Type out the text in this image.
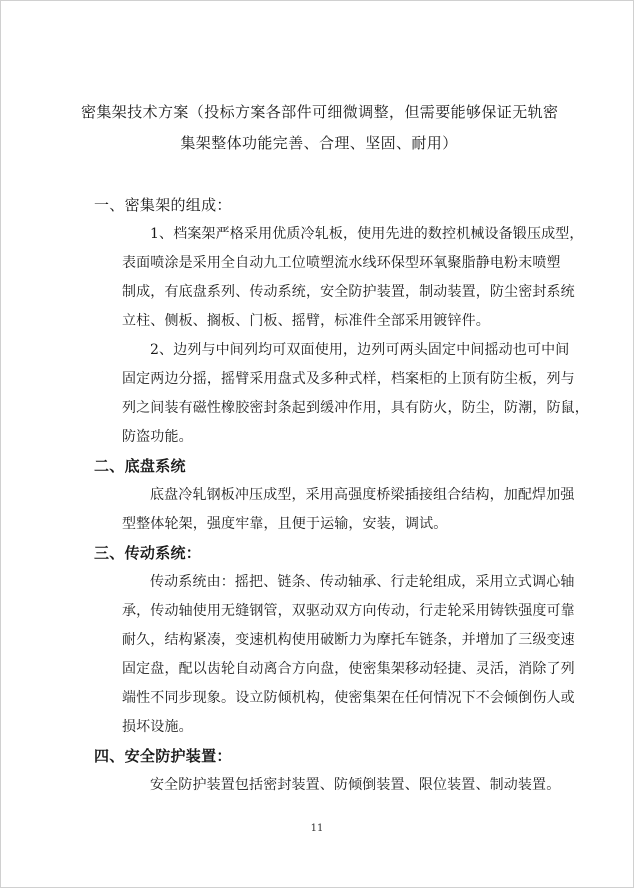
密集架技术方案（投标方案各部件可细微调整，但需要能够保证无轨密
集架整体功能完善、合理、坚固、耐用）
一、密集架的组成：
1、档案架严格采用优质冷轧板，使用先进的数控机械设备锻压成型，
表面喷涂是采用全自动九工位喷塑流水线环保型环氧聚脂静电粉末喷塑
制成，有底盘系列、传动系统，安全防护装置，制动装置，防尘密封系统
立柱、侧板、搁板、门板、摇臂，标准件全部采用镀锌件。
2、边列与中间列均可双面使用，边列可两头固定中间摇动也可中间
固定两边分摇，摇臂采用盘式及多种式样，档案柜的上顶有防尘板，列与
列之间装有磁性橡胶密封条起到缓冲作用，具有防火，防尘，防潮，防鼠，
防盗功能。
二、底盘系统
底盘冷轧钢板冲压成型，采用高强度桥梁插接组合结构，加配焊加强
型整体轮架，强度牢靠，且便于运输，安装，调试。
三、传动系统：
传动系统由：摇把、链条、传动轴承、行走轮组成，采用立式调心轴
承，传动轴使用无缝钢管，双驱动双方向传动，行走轮采用铸铁强度可靠
耐久，结构紧凑，变速机构使用破断力为摩托车链条，并增加了三级变速
固定盘，配以齿轮自动离合方向盘，使密集架移动轻捷、灵活，消除了列
端性不同步现象。设立防倾机构，使密集架在任何情况下不会倾倒伤人或
损坏设施。
四、安全防护装置：
安全防护装置包括密封装置、防倾倒装置、限位装置、制动装置。
11
